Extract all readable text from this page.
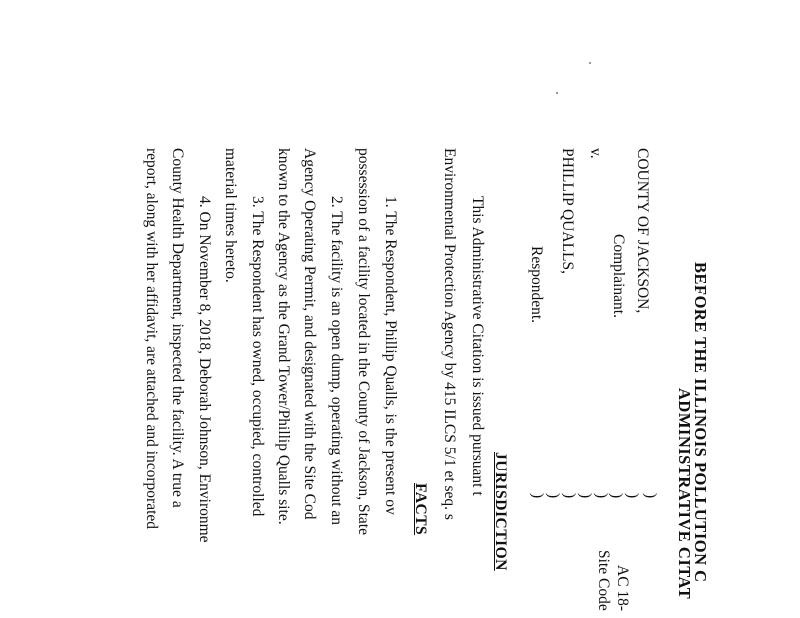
BEFORE THE ILLINOIS POLLUTION C
ADMINISTRATIVE CITAT
COUNTY OF JACKSON,
Complainant.
v.
PHILLIP QUALLS,
Respondent.
)
)
)
)
)
)
)
)
AC 18-
Site Code
JURISDICTION
This Administrative Citation is issued pursuant t
Environmental Protection Agency by 415 ILCS 5/1 et seq. s
FACTS
1. The Respondent, Phillip Qualls, is the present ov
possession of a facility located in the County of Jackson, State
2. The facility is an open dump, operating without an
Agency Operating Permit, and designated with the Site Cod
known to the Agency as the Grand Tower/Phillip Qualls site.
3. The Respondent has owned, occupied, controlled
material times hereto.
4. On November 8, 2018, Deborah Johnson, Environme
County Health Department, inspected the facility. A true a
report, along with her affidavit, are attached and incorporated
